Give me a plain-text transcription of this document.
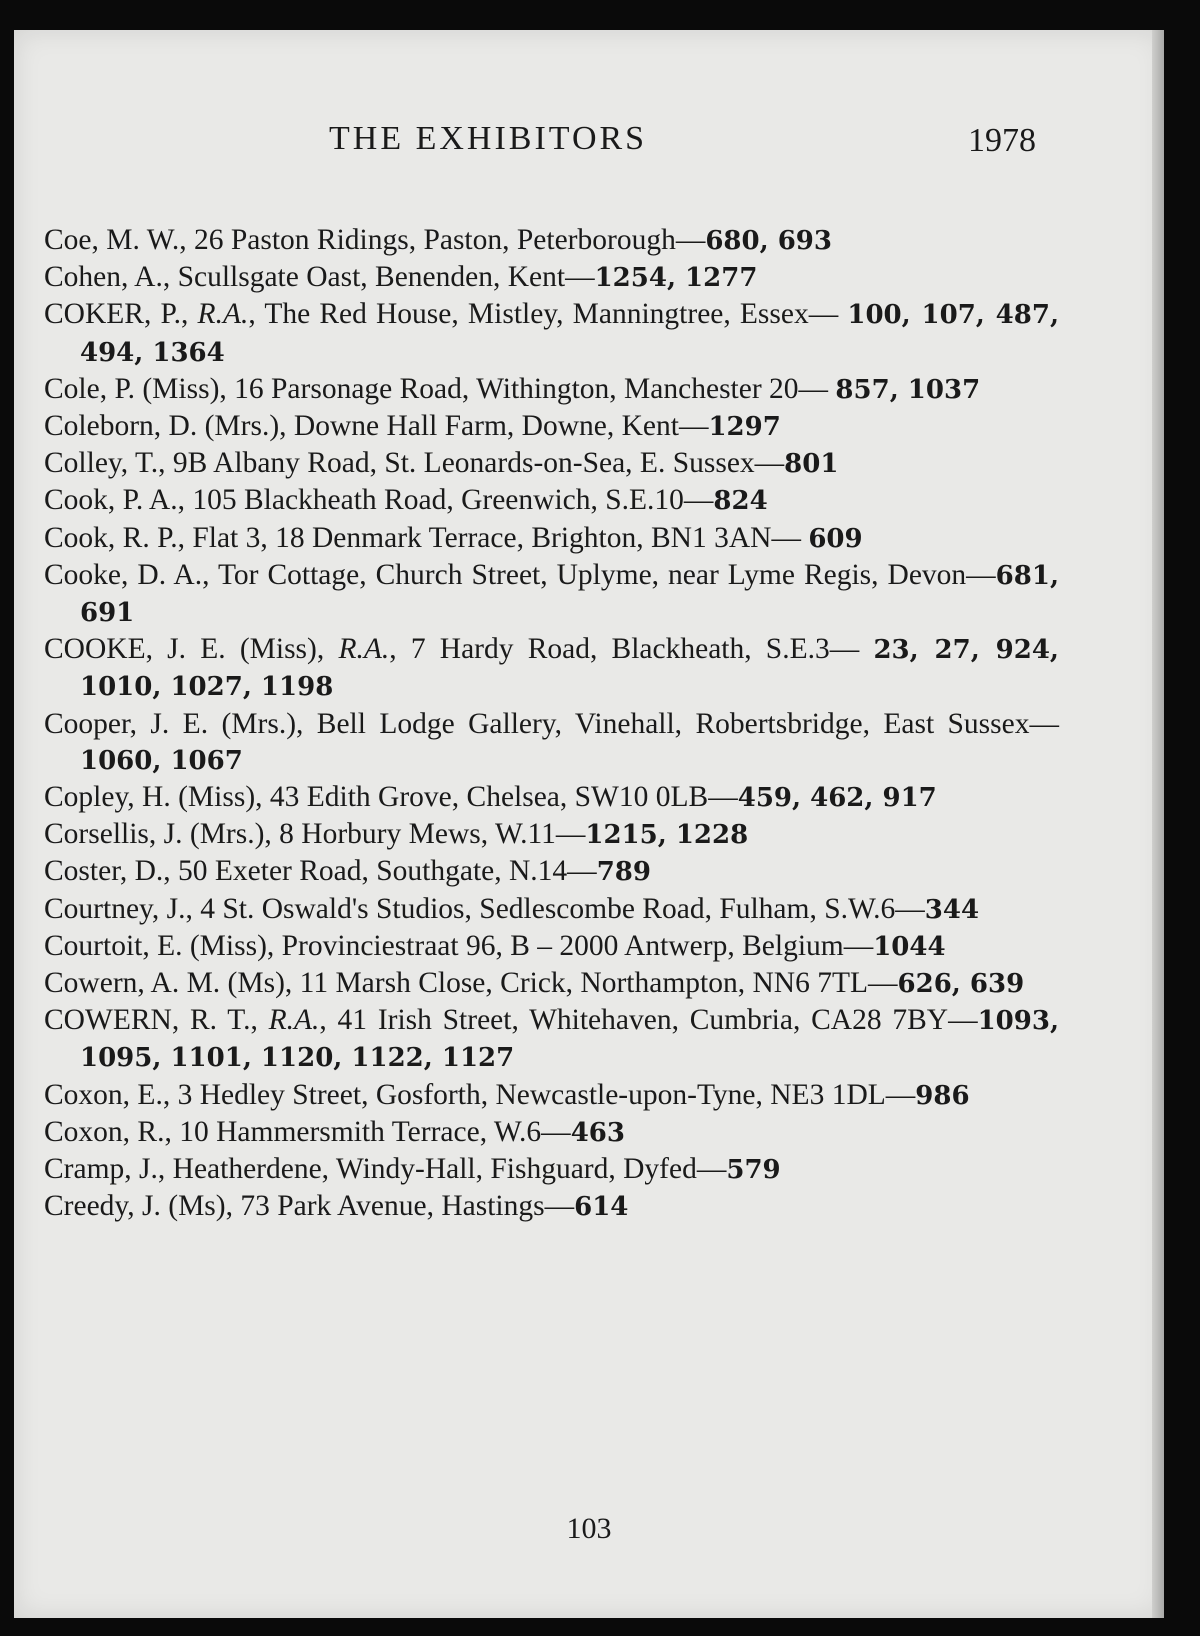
THE EXHIBITORS	1978
Coe, M. W., 26 Paston Ridings, Paston, Peterborough—680, 693
Cohen, A., Scullsgate Oast, Benenden, Kent—1254, 1277
COKER, P., R.A., The Red House, Mistley, Manningtree, Essex— 100, 107, 487, 494, 1364
Cole, P. (Miss), 16 Parsonage Road, Withington, Manchester 20— 857, 1037
Coleborn, D. (Mrs.), Downe Hall Farm, Downe, Kent—1297
Colley, T., 9B Albany Road, St. Leonards-on-Sea, E. Sussex—801
Cook, P. A., 105 Blackheath Road, Greenwich, S.E.10—824
Cook, R. P., Flat 3, 18 Denmark Terrace, Brighton, BN1 3AN— 609
Cooke, D. A., Tor Cottage, Church Street, Uplyme, near Lyme Regis, Devon—681, 691
COOKE, J. E. (Miss), R.A., 7 Hardy Road, Blackheath, S.E.3— 23, 27, 924, 1010, 1027, 1198
Cooper, J. E. (Mrs.), Bell Lodge Gallery, Vinehall, Robertsbridge, East Sussex—1060, 1067
Copley, H. (Miss), 43 Edith Grove, Chelsea, SW10 0LB—459, 462, 917
Corsellis, J. (Mrs.), 8 Horbury Mews, W.11—1215, 1228
Coster, D., 50 Exeter Road, Southgate, N.14—789
Courtney, J., 4 St. Oswald's Studios, Sedlescombe Road, Fulham, S.W.6—344
Courtoit, E. (Miss), Provinciestraat 96, B – 2000 Antwerp, Belgium—1044
Cowern, A. M. (Ms), 11 Marsh Close, Crick, Northampton, NN6 7TL—626, 639
COWERN, R. T., R.A., 41 Irish Street, Whitehaven, Cumbria, CA28 7BY—1093, 1095, 1101, 1120, 1122, 1127
Coxon, E., 3 Hedley Street, Gosforth, Newcastle-upon-Tyne, NE3 1DL—986
Coxon, R., 10 Hammersmith Terrace, W.6—463
Cramp, J., Heatherdene, Windy-Hall, Fishguard, Dyfed—579
Creedy, J. (Ms), 73 Park Avenue, Hastings—614
103
